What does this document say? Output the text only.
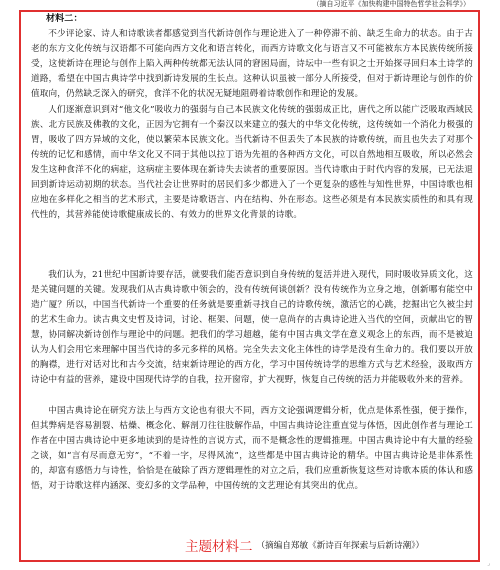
（摘自习近平《加快构建中国特色哲学社会科学》）

材料二：

不少评论家、诗人和诗歌读者都感觉到当代新诗创作与理论进入了一种停滞不前、缺乏生命力的状态。由于古老的东方文化传统与汉语都不可能向西方文化和语言转化，而西方诗歌文化与语言又不可能被东方本民族传统所接受，这使新诗在理论与创作上陷入两种传统都无法认同的窘困局面，诗坛中一些有识之士开始探寻回归本土诗学的道路，希望在中国古典诗学中找到新诗发展的生长点。这种认识虽被一部分人所接受，但对于新诗理论与创作的价值取向，仍然缺乏深入的研究，食洋不化的状况无疑地阻碍着诗歌创作和理论的发展。

人们逐渐意识到对“他文化”吸收力的强弱与自己本民族文化传统的强弱成正比，唐代之所以能广泛吸取西域民族、北方民族及佛教的文化，正因为它拥有一个秦汉以来建立的强大的中华文化传统，这传统如一个消化力极强的胃，吸收了四方异域的文化，使以繁荣本民族文化。当代新诗不但丢失了本民族的诗歌传统，而且也失去了对那个传统的记忆和感情，而中华文化又不同于其他以拉丁语为先祖的各种西方文化，可以自然地相互吸收，所以必然会发生这种食洋不化的病症，这病症主要体现在新诗失去读者的重要原因。当代诗歌由于时代内容的发展，已无法退回到新诗运动初期的状态。当代社会让世界时的居民们多少都进入了一个更复杂的感性与知性世界，中国诗歌也相应地在多样化之相当的艺术形式，主要是诗歌语言、内在结构、外在形态。这些必须是有本民族实质性的和具有现代性的，其营养能使诗歌健康成长的、有效力的世界文化背景的诗歌。

我们认为，21世纪中国新诗要存活，就要我们能否意识到自身传统的复活并进入现代，同时吸收异质文化，这是关键问题的关键。发现我们从古典诗歌中领会的，没有传统何谈创新？没有传统作为立身之地，创新哪有能空中造广厦？所以，中国当代新诗一个重要的任务就是要重新寻找自己的诗歌传统，激活它的心跳，挖掘出它久被尘封的艺术生命力。读古典文史哲及诗词，讨论、框架、问题，使一息尚存的古典诗论进入当代的空间，贡献出它的智慧，协同解决新诗创作与理论中的问题。把我们的学习超越，能有中国古典文学在意义观念上的东西，而不是被迫认为人们会用它来理解中国当代诗的多元多样的风格。完全失去文化主体性的诗学是没有生命力的。我们要以开放的胸襟，进行对话对比和古今交流，结束新诗理论的西方化，学习中国传统诗学的思维方式与艺术经验，汲取西方诗论中有益的营养，建设中国现代诗学的自我，拉开窗帘，扩大视野，恢复自己传统的活力并能吸收外来的营养。

中国古典诗论在研究方法上与西方文论也有很大不同，西方文论强调逻辑分析，优点是体系性强，便于操作，但其弊病是容易割裂、枯燥、概念化、解剖刀往往肢解作品，中国古典诗论注重直觉与体悟，因此创作者与理论工作者在中国古典诗论中更多地读到的是诗性的言说方式，而不是概念性的逻辑推理。中国古典诗论中有大量的经验之谈，如“言有尽而意无穷”，“不着一字，尽得风流”，这些都是中国古典诗论的精华。中国古典诗论是非体系性的，却富有感悟力与诗性，恰恰是在破除了西方逻辑理性的对立之后，我们应重新恢复这些对诗歌本质的体认和感悟，对于诗歌这样内涵深、变幻多的文学品种，中国传统的文艺理论有其突出的优点。

主题材料二 （摘编自郑敏《新诗百年探索与后新诗潮》）
⌟
